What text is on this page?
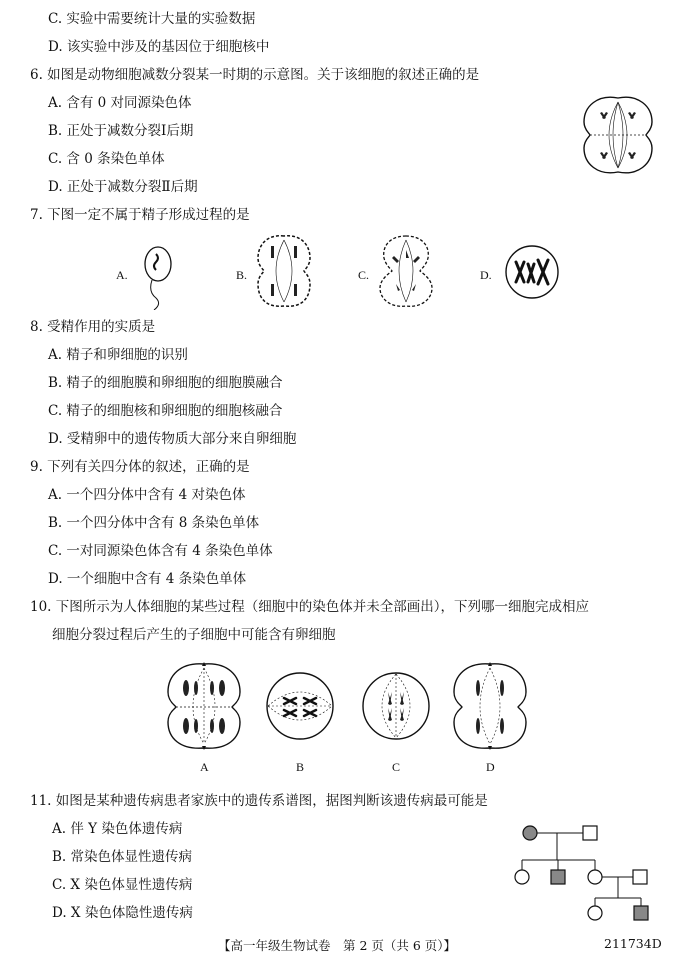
C. 实验中需要统计大量的实验数据
D. 该实验中涉及的基因位于细胞核中
6. 如图是动物细胞减数分裂某一时期的示意图。关于该细胞的叙述正确的是
A. 含有 0 对同源染色体
B. 正处于减数分裂Ⅰ后期
C. 含 0 条染色单体
D. 正处于减数分裂Ⅱ后期
7. 下图一定不属于精子形成过程的是
8. 受精作用的实质是
A. 精子和卵细胞的识别
B. 精子的细胞膜和卵细胞的细胞膜融合
C. 精子的细胞核和卵细胞的细胞核融合
D. 受精卵中的遗传物质大部分来自卵细胞
9. 下列有关四分体的叙述，正确的是
A. 一个四分体中含有 4 对染色体
B. 一个四分体中含有 8 条染色单体
C. 一对同源染色体含有 4 条染色单体
D. 一个细胞中含有 4 条染色单体
10. 下图所示为人体细胞的某些过程（细胞中的染色体并未全部画出），下列哪一细胞完成相应
细胞分裂过程后产生的子细胞中可能含有卵细胞
11. 如图是某种遗传病患者家族中的遗传系谱图，据图判断该遗传病最可能是
A. 伴 Y 染色体遗传病
B. 常染色体显性遗传病
C. X 染色体显性遗传病
D. X 染色体隐性遗传病
A.	B.	C.	D.
A	B	C	D
【高一年级生物试卷　第 2 页（共 6 页）】	211734D
